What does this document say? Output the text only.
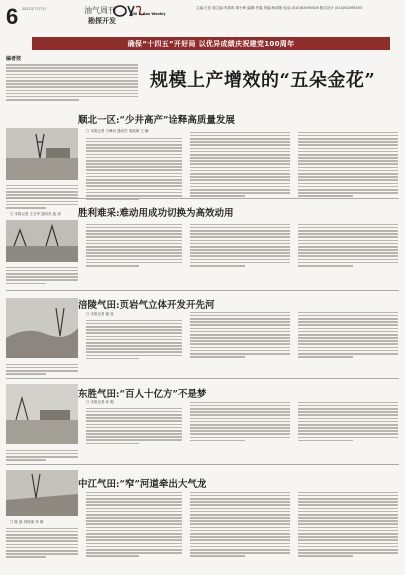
6 2021年7月7日	油气周刊
勘探开发
Oil & Gas Weekly
主编:王佳 副主编:朱鸿鸣 郑小晖 编辑:许鑫 美编:杨鸿艳 电话:(010)62095506 版式设计 (010)62095503
确保“十四五”开好局 以优异成绩庆祝建党100周年
编者按
规模上产增效的“五朵金花”
顺北一区:“少井高产”诠释高质量发展
□ 本报记者 王峰岩 通讯员 周振海 王 鹏
胜利难采:难动用成功切换为高效动用
□ 本报记者 王玉军 通讯员 崔 涛
涪陵气田:页岩气立体开发开先河
□ 本报记者 谢 蕊
东胜气田:“百人十亿方”不是梦
□ 本报记者 孙 刚
中江气田:“窄”河道牵出大气龙
□ 陈 凯 刘保朋 李 静
